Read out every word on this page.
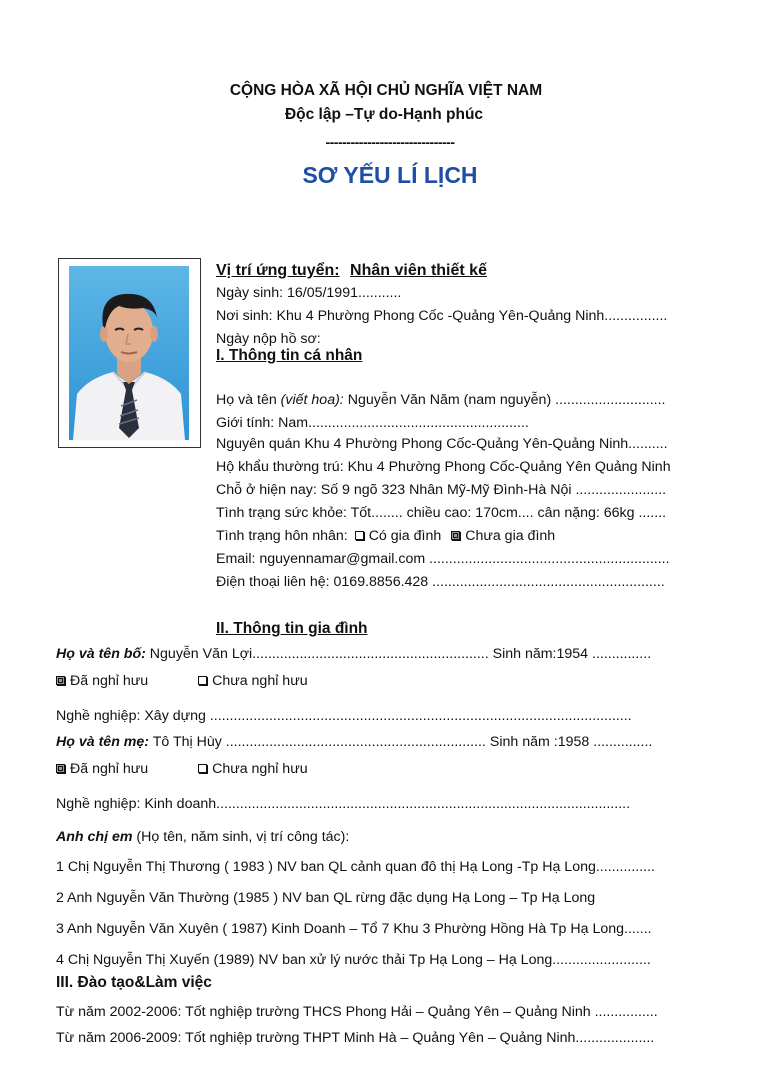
CỘNG HÒA XÃ HỘI CHỦ NGHĨA VIỆT NAM
Độc lập –Tự do-Hạnh phúc
-------------------------------
SƠ YẾU LÍ LỊCH
Vị trí ứng tuyển: Nhân viên thiết kế
Ngày sinh: 16/05/1991...........
Nơi sinh: Khu 4 Phường Phong Cốc -Quảng Yên-Quảng Ninh................
Ngày nộp hồ sơ:
I. Thông tin cá nhân
Họ và tên (viết hoa): Nguyễn Văn Năm (nam nguyễn) ............................
Giới tính: Nam........................................................
Nguyên quán Khu 4 Phường Phong Cốc-Quảng Yên-Quảng Ninh..........
Hộ khẩu thường trú: Khu 4 Phường Phong Cốc-Quảng Yên Quảng Ninh
Chỗ ở hiện nay: Số 9 ngõ 323 Nhân Mỹ-Mỹ Đình-Hà Nội .......................
Tình trạng sức khỏe: Tốt........ chiều cao: 170cm.... cân nặng: 66kg .......
Tình trạng hôn nhân: Có gia đình Chưa gia đình
Email: nguyennamar@gmail.com .............................................................
Điện thoại liên hệ: 0169.8856.428 ...........................................................
II. Thông tin gia đình
Họ và tên bố: Nguyễn Văn Lợi............................................................ Sinh năm:1954 ...............
Đã nghỉ hưu	Chưa nghỉ hưu
Nghề nghiệp: Xây dựng ...........................................................................................................
Họ và tên mẹ: Tô Thị Hùy .................................................................. Sinh năm :1958 ...............
Đã nghỉ hưu	Chưa nghỉ hưu
Nghề nghiệp: Kinh doanh.........................................................................................................
Anh chị em (Họ tên, năm sinh, vị trí công tác):
1 Chị Nguyễn Thị Thương ( 1983 ) NV ban QL cảnh quan đô thị Hạ Long -Tp Hạ Long...............
2 Anh Nguyễn Văn Thường (1985 ) NV ban QL rừng đặc dụng Hạ Long – Tp Hạ Long
3 Anh Nguyễn Văn Xuyên ( 1987) Kinh Doanh – Tổ 7 Khu 3 Phường Hồng Hà Tp Hạ Long.......
4 Chị Nguyễn Thị Xuyến (1989) NV ban xử lý nước thải Tp Hạ Long – Hạ Long.........................
III. Đào tạo&Làm việc
Từ năm 2002-2006: Tốt nghiệp trường THCS Phong Hải – Quảng Yên – Quảng Ninh ................
Từ năm 2006-2009: Tốt nghiệp trường THPT Minh Hà – Quảng Yên – Quảng Ninh....................
